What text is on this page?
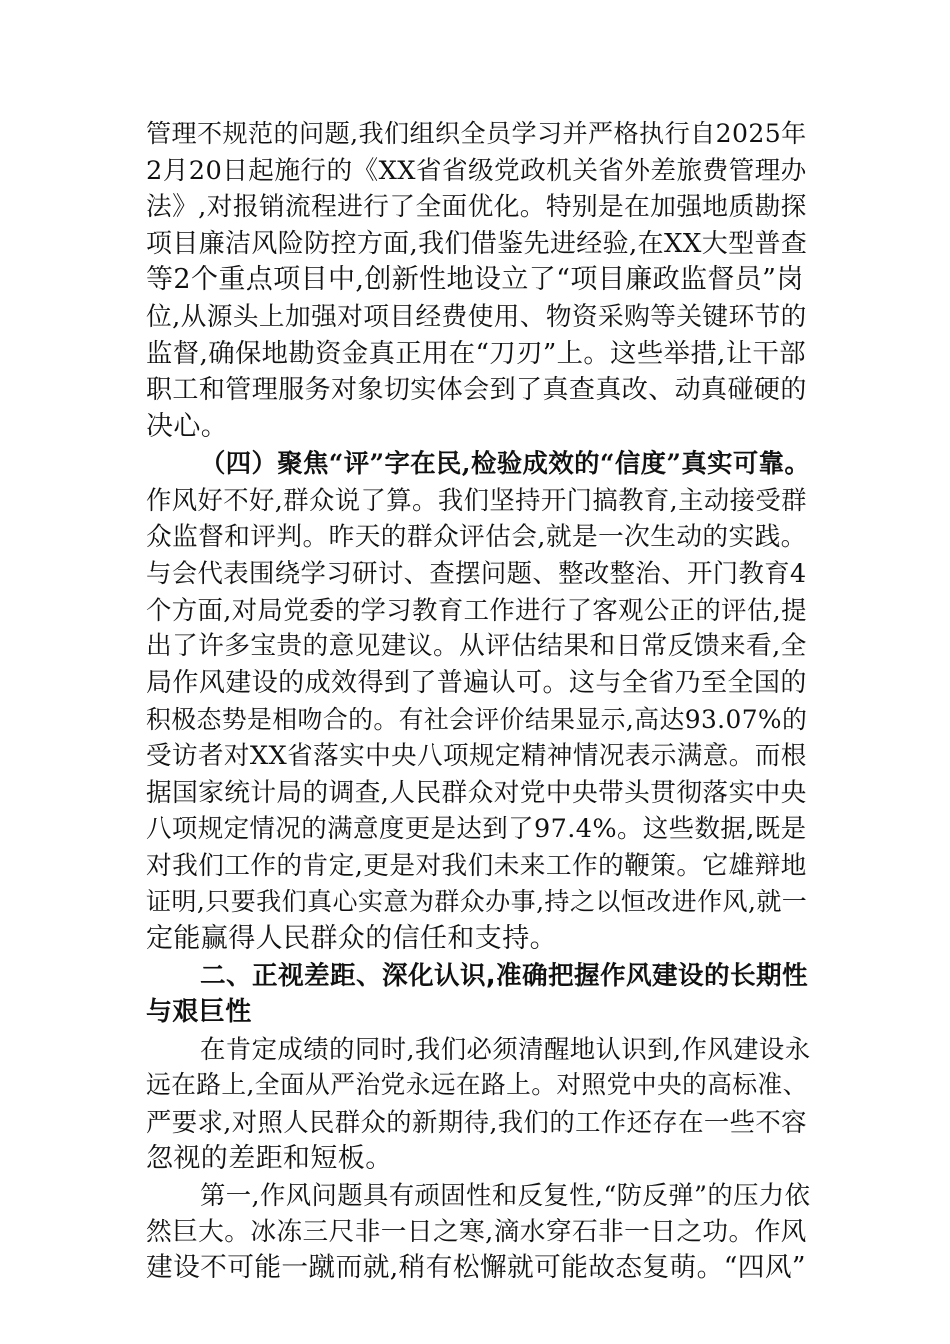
管理不规范的问题,我们组织全员学习并严格执行自2025年
2月20日起施行的《XX省省级党政机关省外差旅费管理办
法》,对报销流程进行了全面优化。特别是在加强地质勘探
项目廉洁风险防控方面,我们借鉴先进经验,在XX大型普查
等2个重点项目中,创新性地设立了“项目廉政监督员”岗
位,从源头上加强对项目经费使用、物资采购等关键环节的
监督,确保地勘资金真正用在“刀刃”上。这些举措,让干部
职工和管理服务对象切实体会到了真查真改、动真碰硬的
决心。
（四）聚焦“评”字在民,检验成效的“信度”真实可靠。
作风好不好,群众说了算。我们坚持开门搞教育,主动接受群
众监督和评判。昨天的群众评估会,就是一次生动的实践。
与会代表围绕学习研讨、查摆问题、整改整治、开门教育4
个方面,对局党委的学习教育工作进行了客观公正的评估,提
出了许多宝贵的意见建议。从评估结果和日常反馈来看,全
局作风建设的成效得到了普遍认可。这与全省乃至全国的
积极态势是相吻合的。有社会评价结果显示,高达93.07%的
受访者对XX省落实中央八项规定精神情况表示满意。而根
据国家统计局的调查,人民群众对党中央带头贯彻落实中央
八项规定情况的满意度更是达到了97.4%。这些数据,既是
对我们工作的肯定,更是对我们未来工作的鞭策。它雄辩地
证明,只要我们真心实意为群众办事,持之以恒改进作风,就一
定能赢得人民群众的信任和支持。
二、正视差距、深化认识,准确把握作风建设的长期性
与艰巨性
在肯定成绩的同时,我们必须清醒地认识到,作风建设永
远在路上,全面从严治党永远在路上。对照党中央的高标准、
严要求,对照人民群众的新期待,我们的工作还存在一些不容
忽视的差距和短板。
第一,作风问题具有顽固性和反复性,“防反弹”的压力依
然巨大。冰冻三尺非一日之寒,滴水穿石非一日之功。作风
建设不可能一蹴而就,稍有松懈就可能故态复萌。“四风”
